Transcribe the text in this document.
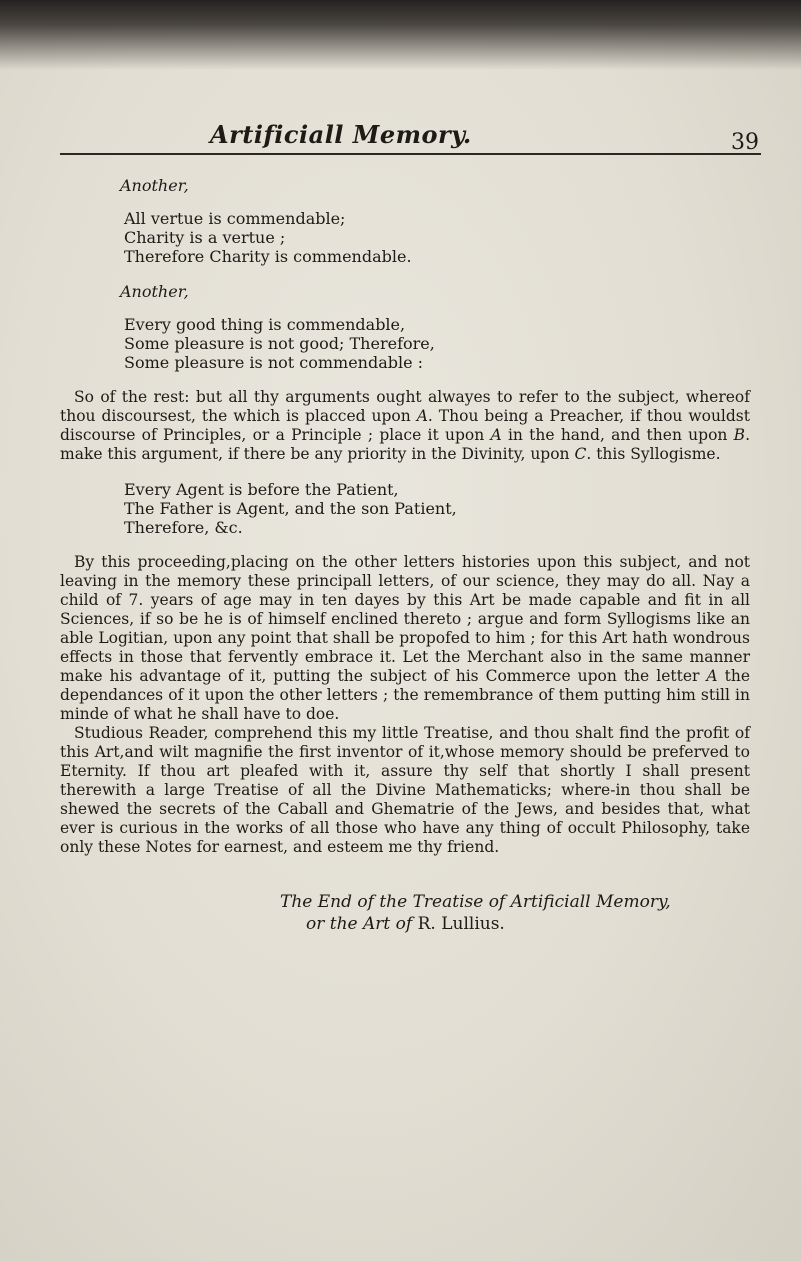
Artificiall Memory.	39
Another,
All vertue is commendable;
Charity is a vertue ;
Therefore Charity is commendable.
Another,
Every good thing is commendable,
Some pleasure is not good; Therefore,
Some pleasure is not commendable :

So of the rest: but all thy arguments ought alwayes to refer to the subject, whereof thou discoursest, the which is placced upon A. Thou being a Preacher, if thou wouldst discourse of Principles, or a Principle ; place it upon A in the hand, and then upon B. make this argument, if there be any priority in the Divinity, upon C. this Syllogisme.

Every Agent is before the Patient,
The Father is Agent, and the son Patient,
Therefore, &c.

By this proceeding,placing on the other letters histories upon this subject, and not leaving in the memory these principall letters, of our science, they may do all. Nay a child of 7. years of age may in ten dayes by this Art be made capable and fit in all Sciences, if so be he is of himself enclined thereto ; argue and form Syllogisms like an able Logitian, upon any point that shall be propofed to him ; for this Art hath wondrous effects in those that fervently embrace it. Let the Merchant also in the same manner make his advantage of it, putting the subject of his Commerce upon the letter A the dependances of it upon the other letters ; the remembrance of them putting him still in minde of what he shall have to doe.

Studious Reader, comprehend this my little Treatise, and thou shalt find the profit of this Art,and wilt magnifie the first inventor of it,whose memory should be preferved to Eternity. If thou art pleafed with it, assure thy self that shortly I shall present therewith a large Treatise of all the Divine Mathematicks; where-in thou shall be shewed the secrets of the Caball and Ghematrie of the Jews, and besides that, what ever is curious in the works of all those who have any thing of occult Philosophy, take only these Notes for earnest, and esteem me thy friend.

The End of the Treatise of Artificiall Memory,
or the Art of R. Lullius.
